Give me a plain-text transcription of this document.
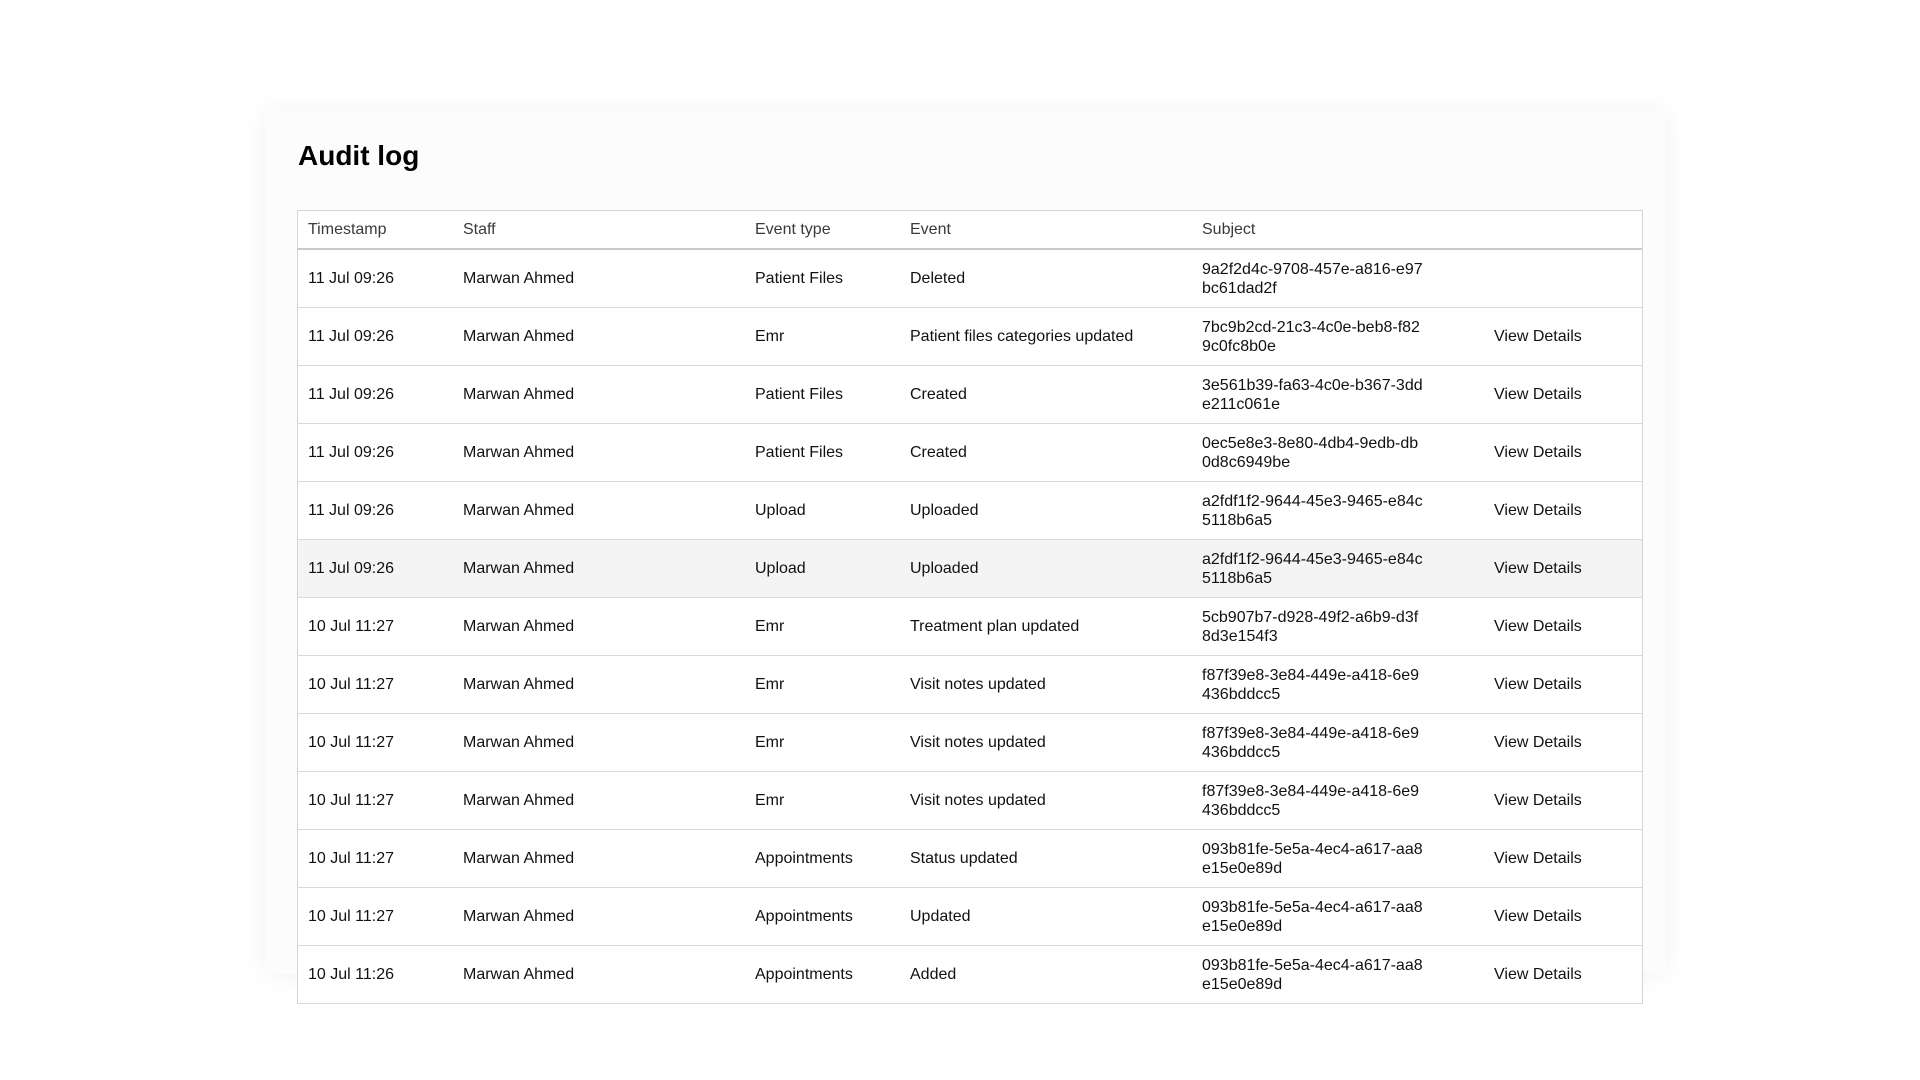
Audit log
Timestamp	Staff	Event type	Event	Subject	
11 Jul 09:26	Marwan Ahmed	Patient Files	Deleted	9a2f2d4c-9708-457e-a816-e97bc61dad2f	
11 Jul 09:26	Marwan Ahmed	Emr	Patient files categories updated	7bc9b2cd-21c3-4c0e-beb8-f829c0fc8b0e	View Details
11 Jul 09:26	Marwan Ahmed	Patient Files	Created	3e561b39-fa63-4c0e-b367-3dde211c061e	View Details
11 Jul 09:26	Marwan Ahmed	Patient Files	Created	0ec5e8e3-8e80-4db4-9edb-db0d8c6949be	View Details
11 Jul 09:26	Marwan Ahmed	Upload	Uploaded	a2fdf1f2-9644-45e3-9465-e84c5118b6a5	View Details
11 Jul 09:26	Marwan Ahmed	Upload	Uploaded	a2fdf1f2-9644-45e3-9465-e84c5118b6a5	View Details
10 Jul 11:27	Marwan Ahmed	Emr	Treatment plan updated	5cb907b7-d928-49f2-a6b9-d3f8d3e154f3	View Details
10 Jul 11:27	Marwan Ahmed	Emr	Visit notes updated	f87f39e8-3e84-449e-a418-6e9436bddcc5	View Details
10 Jul 11:27	Marwan Ahmed	Emr	Visit notes updated	f87f39e8-3e84-449e-a418-6e9436bddcc5	View Details
10 Jul 11:27	Marwan Ahmed	Emr	Visit notes updated	f87f39e8-3e84-449e-a418-6e9436bddcc5	View Details
10 Jul 11:27	Marwan Ahmed	Appointments	Status updated	093b81fe-5e5a-4ec4-a617-aa8e15e0e89d	View Details
10 Jul 11:27	Marwan Ahmed	Appointments	Updated	093b81fe-5e5a-4ec4-a617-aa8e15e0e89d	View Details
10 Jul 11:26	Marwan Ahmed	Appointments	Added	093b81fe-5e5a-4ec4-a617-aa8e15e0e89d	View Details
